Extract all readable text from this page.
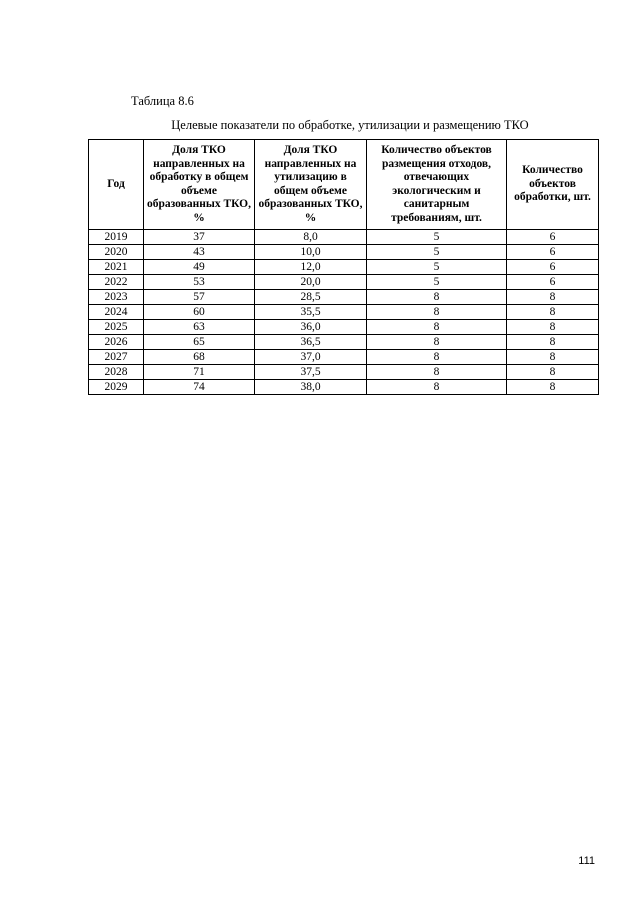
Таблица 8.6
Целевые показатели по обработке, утилизации и размещению ТКО
Год	Доля ТКО направленных на обработку в общем объеме образованных ТКО, %	Доля ТКО направленных на утилизацию в общем объеме образованных ТКО, %	Количество объектов размещения отходов, отвечающих экологическим и санитарным требованиям, шт.	Количество объектов обработки, шт.
2019	37	8,0	5	6
2020	43	10,0	5	6
2021	49	12,0	5	6
2022	53	20,0	5	6
2023	57	28,5	8	8
2024	60	35,5	8	8
2025	63	36,0	8	8
2026	65	36,5	8	8
2027	68	37,0	8	8
2028	71	37,5	8	8
2029	74	38,0	8	8
111
